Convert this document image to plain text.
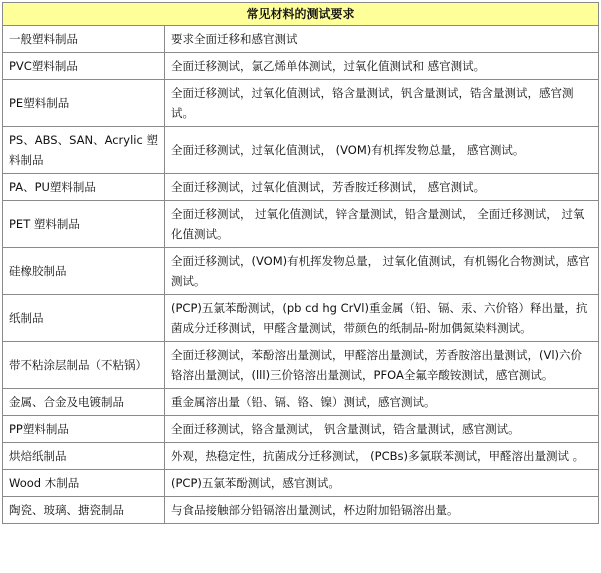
常见材料的测试要求	
一般塑料制品	要求全面迁移和感官测试
PVC塑料制品	全面迁移测试，氯乙烯单体测试，过氧化值测试和 感官测试。
PE塑料制品	全面迁移测试，过氧化值测试，铬含量测试，钒含量测试，锆含量测试，感官测试。
PS、ABS、SAN、Acrylic 塑料制品	全面迁移测试，过氧化值测试， (VOM)有机挥发物总量， 感官测试。
PA、PU塑料制品	全面迁移测试，过氧化值测试，芳香胺迁移测试， 感官测试。
PET 塑料制品	全面迁移测试， 过氧化值测试，锌含量测试，铅含量测试， 全面迁移测试， 过氧化值测试。
硅橡胶制品	全面迁移测试，(VOM)有机挥发物总量， 过氧化值测试，有机锡化合物测试，感官测试。
纸制品	(PCP)五氯苯酚测试，(pb cd hg CrVl)重金属（铅、镉、汞、六价铬）释出量，抗菌成分迁移测试，甲醛含量测试，带颜色的纸制品-附加偶氮染料测试。
带不粘涂层制品（不粘锅）	全面迁移测试，苯酚溶出量测试，甲醛溶出量测试，芳香胺溶出量测试，(Vl)六价铬溶出量测试，(lll)三价铬溶出量测试，PFOA全氟辛酸铵测试，感官测试。
金属、合金及电镀制品	重金属溶出量（铅、镉、铬、镍）测试，感官测试。
PP塑料制品	全面迁移测试，铬含量测试， 钒含量测试，锆含量测试，感官测试。
烘焙纸制品	外观，热稳定性，抗菌成分迁移测试， (PCBs)多氯联苯测试，甲醛溶出量测试 。
Wood 木制品	(PCP)五氯苯酚测试，感官测试。
陶瓷、玻璃、搪瓷制品	与食品接触部分铅镉溶出量测试，杯边附加铅镉溶出量。
